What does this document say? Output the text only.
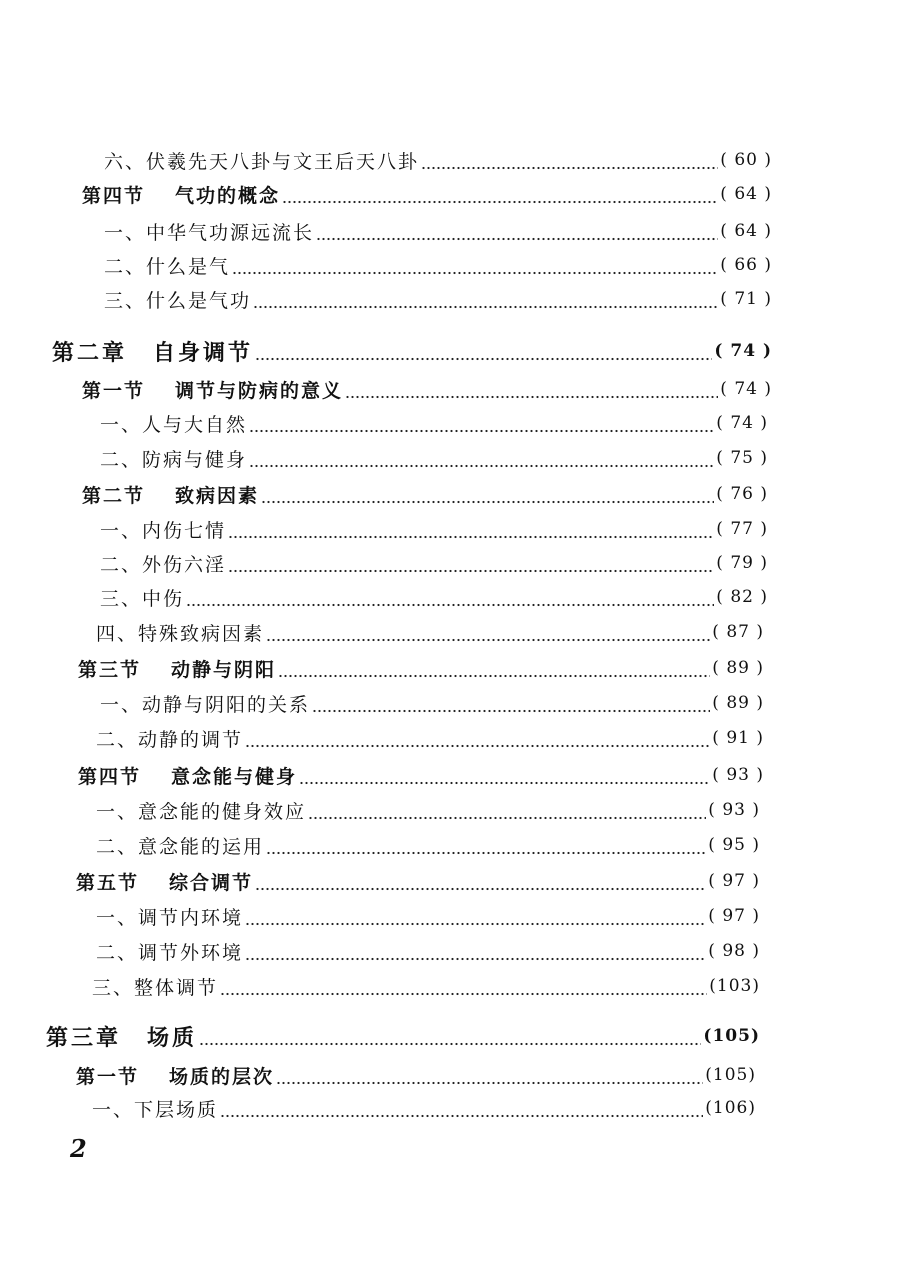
六、伏羲先天八卦与文王后天八卦	( 60 )
第四节 气功的概念	( 64 )
一、中华气功源远流长	( 64 )
二、什么是气	( 66 )
三、什么是气功	( 71 )
第二章 自身调节	( 74 )
第一节 调节与防病的意义	( 74 )
一、人与大自然	( 74 )
二、防病与健身	( 75 )
第二节 致病因素	( 76 )
一、内伤七情	( 77 )
二、外伤六淫	( 79 )
三、中伤	( 82 )
四、特殊致病因素	( 87 )
第三节 动静与阴阳	( 89 )
一、动静与阴阳的关系	( 89 )
二、动静的调节	( 91 )
第四节 意念能与健身	( 93 )
一、意念能的健身效应	( 93 )
二、意念能的运用	( 95 )
第五节 综合调节	( 97 )
一、调节内环境	( 97 )
二、调节外环境	( 98 )
三、整体调节	(103)
第三章 场质	(105)
第一节 场质的层次	(105)
一、下层场质	(106)
2
